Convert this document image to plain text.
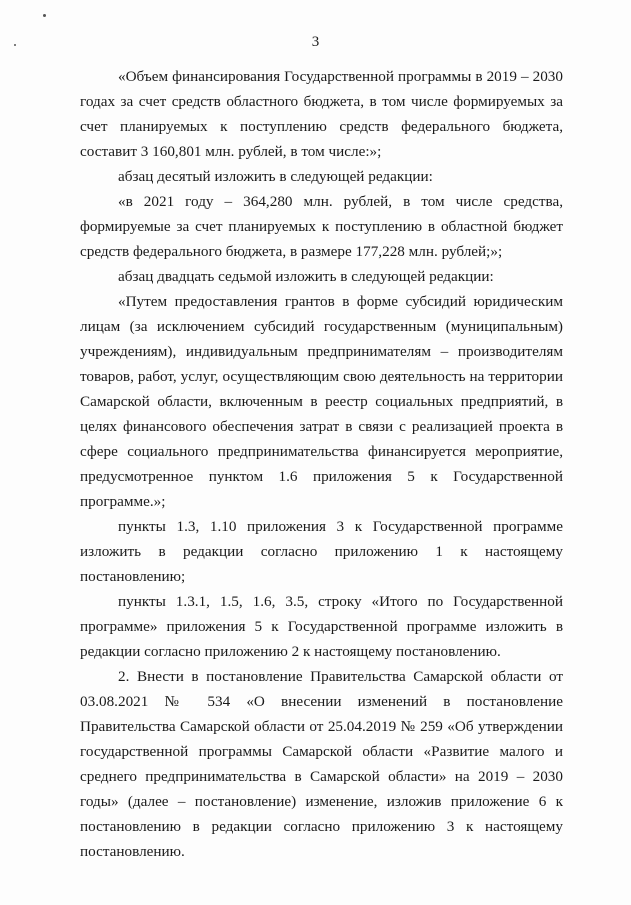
3

«Объем финансирования Государственной программы в 2019 – 2030 годах за счет средств областного бюджета, в том числе формируемых за счет планируемых к поступлению средств федерального бюджета, составит 3 160,801 млн. рублей, в том числе:»;

абзац десятый изложить в следующей редакции:

«в 2021 году – 364,280 млн. рублей, в том числе средства, формируемые за счет планируемых к поступлению в областной бюджет средств федерального бюджета, в размере 177,228 млн. рублей;»;

абзац двадцать седьмой изложить в следующей редакции:

«Путем предоставления грантов в форме субсидий юридическим лицам (за исключением субсидий государственным (муниципальным) учреждениям), индивидуальным предпринимателям – производителям товаров, работ, услуг, осуществляющим свою деятельность на территории Самарской области, включенным в реестр социальных предприятий, в целях финансового обеспечения затрат в связи с реализацией проекта в сфере социального предпринимательства финансируется мероприятие, предусмотренное пунктом 1.6 приложения 5 к Государственной программе.»;

пункты 1.3, 1.10 приложения 3 к Государственной программе изложить в редакции согласно приложению 1 к настоящему постановлению;

пункты 1.3.1, 1.5, 1.6, 3.5, строку «Итого по Государственной программе» приложения 5 к Государственной программе изложить в редакции согласно приложению 2 к настоящему постановлению.

2. Внести в постановление Правительства Самарской области от 03.08.2021 № 534 «О внесении изменений в постановление Правительства Самарской области от 25.04.2019 № 259 «Об утверждении государственной программы Самарской области «Развитие малого и среднего предпринимательства в Самарской области» на 2019 – 2030 годы» (далее – постановление) изменение, изложив приложение 6 к постановлению в редакции согласно приложению 3 к настоящему постановлению.
